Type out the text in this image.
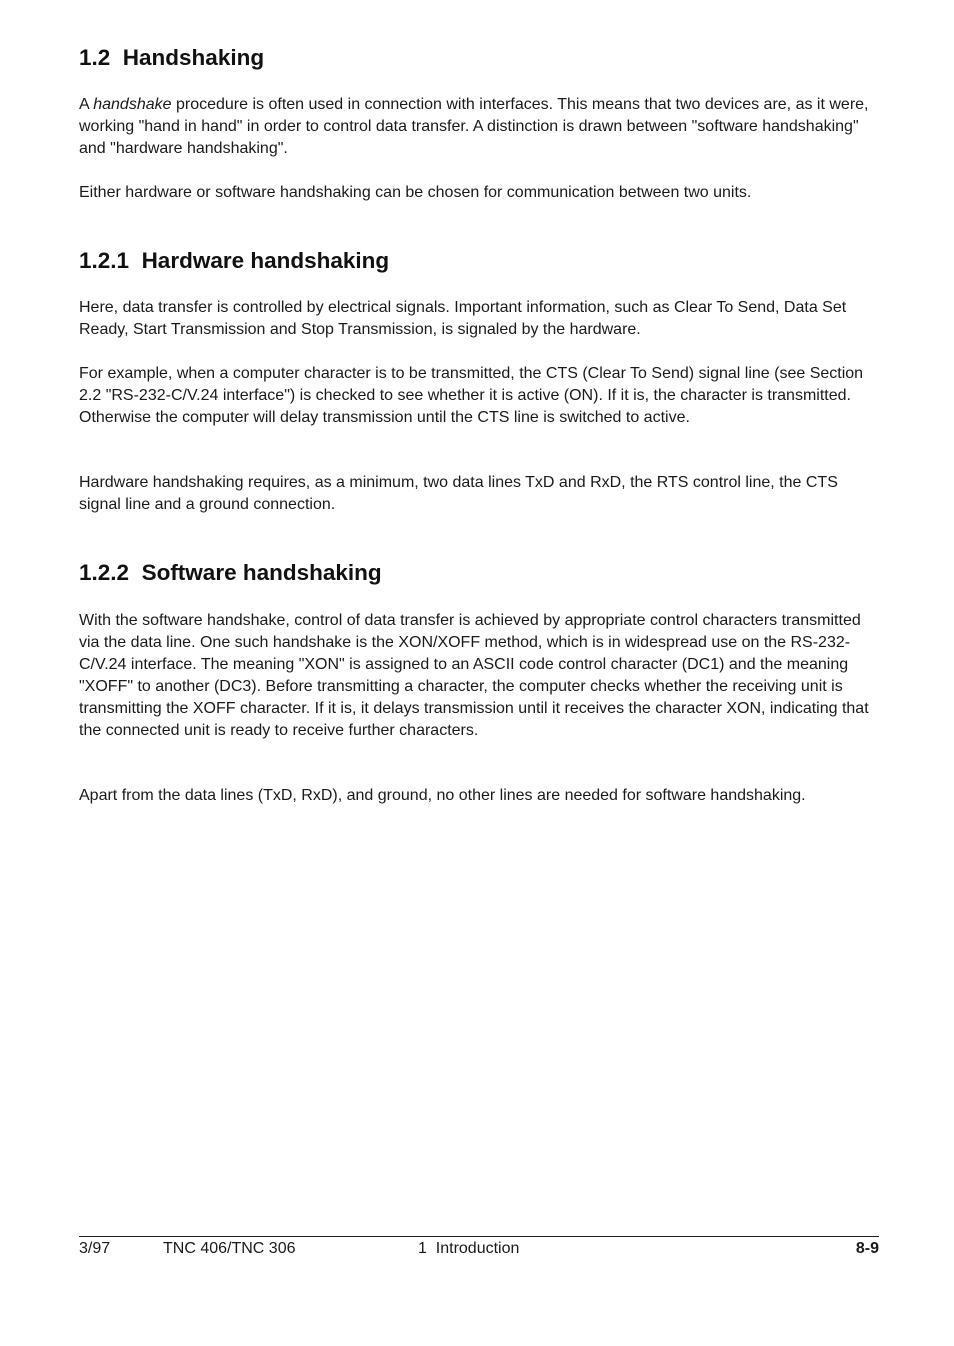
1.2 Handshaking

A handshake procedure is often used in connection with interfaces. This means that two devices are, as it were, working "hand in hand" in order to control data transfer. A distinction is drawn between "software handshaking" and "hardware handshaking".

Either hardware or software handshaking can be chosen for communication between two units.

1.2.1 Hardware handshaking

Here, data transfer is controlled by electrical signals. Important information, such as Clear To Send, Data Set Ready, Start Transmission and Stop Transmission, is signaled by the hardware.

For example, when a computer character is to be transmitted, the CTS (Clear To Send) signal line (see Section 2.2 "RS-232-C/V.24 interface") is checked to see whether it is active (ON). If it is, the character is transmitted. Otherwise the computer will delay transmission until the CTS line is switched to active.

Hardware handshaking requires, as a minimum, two data lines TxD and RxD, the RTS control line, the CTS signal line and a ground connection.

1.2.2 Software handshaking

With the software handshake, control of data transfer is achieved by appropriate control characters transmitted via the data line. One such handshake is the XON/XOFF method, which is in widespread use on the RS-232-C/V.24 interface. The meaning "XON" is assigned to an ASCII code control character (DC1) and the meaning "XOFF" to another (DC3). Before transmitting a character, the computer checks whether the receiving unit is transmitting the XOFF character. If it is, it delays transmission until it receives the character XON, indicating that the connected unit is ready to receive further characters.

Apart from the data lines (TxD, RxD), and ground, no other lines are needed for software handshaking.

3/97	TNC 406/TNC 306	1  Introduction	8-9
